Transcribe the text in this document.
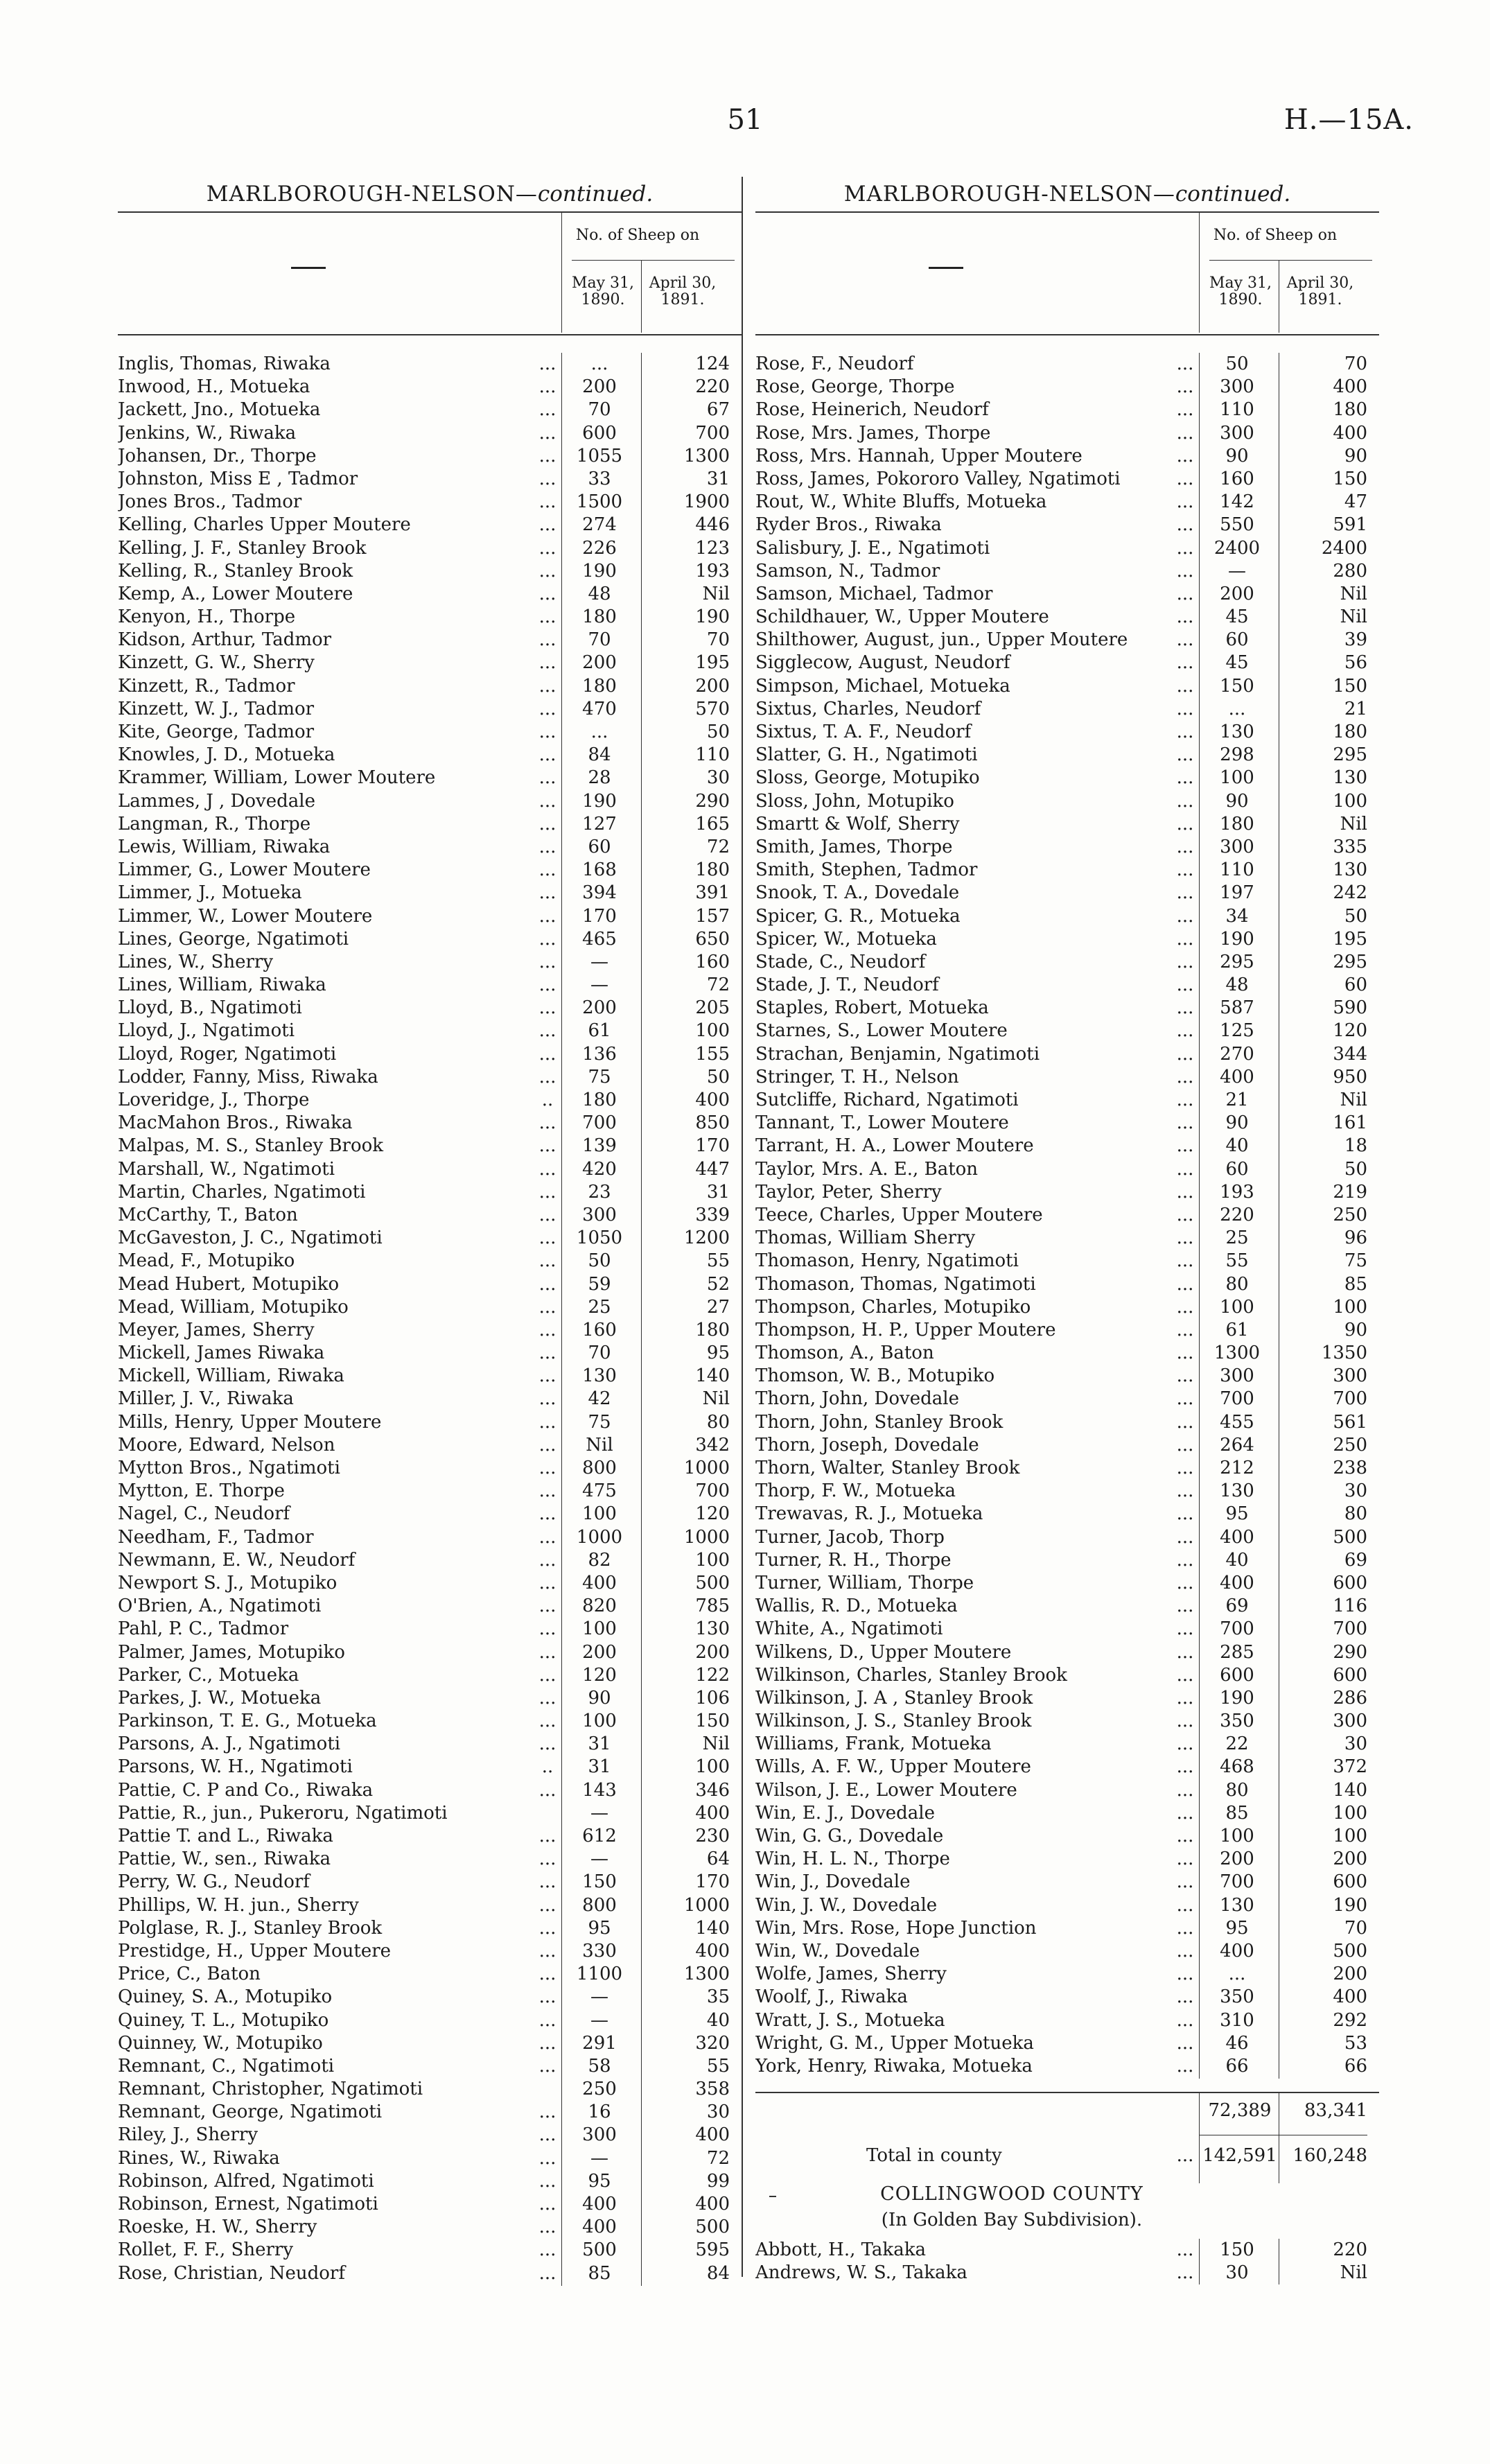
51	H.—15A.
MARLBOROUGH-NELSON—continued.
No. of Sheep on
May 31,
1890.
April 30,
1891.
Inglis, Thomas, Riwaka	...	...	124
Inwood, H., Motueka	...	200	220
Jackett, Jno., Motueka	...	70	67
Jenkins, W., Riwaka	...	600	700
Johansen, Dr., Thorpe	...	1055	1300
Johnston, Miss E , Tadmor	...	33	31
Jones Bros., Tadmor	...	1500	1900
Kelling, Charles Upper Moutere	...	274	446
Kelling, J. F., Stanley Brook	...	226	123
Kelling, R., Stanley Brook	...	190	193
Kemp, A., Lower Moutere	...	48	Nil
Kenyon, H., Thorpe	...	180	190
Kidson, Arthur, Tadmor	...	70	70
Kinzett, G. W., Sherry	...	200	195
Kinzett, R., Tadmor	...	180	200
Kinzett, W. J., Tadmor	...	470	570
Kite, George, Tadmor	...	...	50
Knowles, J. D., Motueka	...	84	110
Krammer, William, Lower Moutere	...	28	30
Lammes, J , Dovedale	...	190	290
Langman, R., Thorpe	...	127	165
Lewis, William, Riwaka	...	60	72
Limmer, G., Lower Moutere	...	168	180
Limmer, J., Motueka	...	394	391
Limmer, W., Lower Moutere	...	170	157
Lines, George, Ngatimoti	...	465	650
Lines, W., Sherry	...	—	160
Lines, William, Riwaka	...	—	72
Lloyd, B., Ngatimoti	...	200	205
Lloyd, J., Ngatimoti	...	61	100
Lloyd, Roger, Ngatimoti	...	136	155
Lodder, Fanny, Miss, Riwaka	...	75	50
Loveridge, J., Thorpe	..	180	400
MacMahon Bros., Riwaka	...	700	850
Malpas, M. S., Stanley Brook	...	139	170
Marshall, W., Ngatimoti	...	420	447
Martin, Charles, Ngatimoti	...	23	31
McCarthy, T., Baton	...	300	339
McGaveston, J. C., Ngatimoti	...	1050	1200
Mead, F., Motupiko	...	50	55
Mead Hubert, Motupiko	...	59	52
Mead, William, Motupiko	...	25	27
Meyer, James, Sherry	...	160	180
Mickell, James Riwaka	...	70	95
Mickell, William, Riwaka	...	130	140
Miller, J. V., Riwaka	...	42	Nil
Mills, Henry, Upper Moutere	...	75	80
Moore, Edward, Nelson	...	Nil	342
Mytton Bros., Ngatimoti	...	800	1000
Mytton, E. Thorpe	...	475	700
Nagel, C., Neudorf	...	100	120
Needham, F., Tadmor	...	1000	1000
Newmann, E. W., Neudorf	...	82	100
Newport S. J., Motupiko	...	400	500
O'Brien, A., Ngatimoti	...	820	785
Pahl, P. C., Tadmor	...	100	130
Palmer, James, Motupiko	...	200	200
Parker, C., Motueka	...	120	122
Parkes, J. W., Motueka	...	90	106
Parkinson, T. E. G., Motueka	...	100	150
Parsons, A. J., Ngatimoti	...	31	Nil
Parsons, W. H., Ngatimoti	..	31	100
Pattie, C. P and Co., Riwaka	...	143	346
Pattie, R., jun., Pukeroru, Ngatimoti	—	400
Pattie T. and L., Riwaka	...	612	230
Pattie, W., sen., Riwaka	...	—	64
Perry, W. G., Neudorf	...	150	170
Phillips, W. H. jun., Sherry	...	800	1000
Polglase, R. J., Stanley Brook	...	95	140
Prestidge, H., Upper Moutere	...	330	400
Price, C., Baton	...	1100	1300
Quiney, S. A., Motupiko	...	—	35
Quiney, T. L., Motupiko	...	—	40
Quinney, W., Motupiko	...	291	320
Remnant, C., Ngatimoti	...	58	55
Remnant, Christopher, Ngatimoti	250	358
Remnant, George, Ngatimoti	...	16	30
Riley, J., Sherry	...	300	400
Rines, W., Riwaka	...	—	72
Robinson, Alfred, Ngatimoti	...	95	99
Robinson, Ernest, Ngatimoti	...	400	400
Roeske, H. W., Sherry	...	400	500
Rollet, F. F., Sherry	...	500	595
Rose, Christian, Neudorf	...	85	84
MARLBOROUGH-NELSON—continued.
No. of Sheep on
May 31,
1890.
April 30,
1891.
Rose, F., Neudorf	...	50	70
Rose, George, Thorpe	...	300	400
Rose, Heinerich, Neudorf	...	110	180
Rose, Mrs. James, Thorpe	...	300	400
Ross, Mrs. Hannah, Upper Moutere	...	90	90
Ross, James, Pokororo Valley, Ngatimoti	...	160	150
Rout, W., White Bluffs, Motueka	...	142	47
Ryder Bros., Riwaka	...	550	591
Salisbury, J. E., Ngatimoti	...	2400	2400
Samson, N., Tadmor	...	—	280
Samson, Michael, Tadmor	...	200	Nil
Schildhauer, W., Upper Moutere	...	45	Nil
Shilthower, August, jun., Upper Moutere	...	60	39
Sigglecow, August, Neudorf	...	45	56
Simpson, Michael, Motueka	...	150	150
Sixtus, Charles, Neudorf	...	...	21
Sixtus, T. A. F., Neudorf	...	130	180
Slatter, G. H., Ngatimoti	...	298	295
Sloss, George, Motupiko	...	100	130
Sloss, John, Motupiko	...	90	100
Smartt & Wolf, Sherry	...	180	Nil
Smith, James, Thorpe	...	300	335
Smith, Stephen, Tadmor	...	110	130
Snook, T. A., Dovedale	...	197	242
Spicer, G. R., Motueka	...	34	50
Spicer, W., Motueka	...	190	195
Stade, C., Neudorf	...	295	295
Stade, J. T., Neudorf	...	48	60
Staples, Robert, Motueka	...	587	590
Starnes, S., Lower Moutere	...	125	120
Strachan, Benjamin, Ngatimoti	...	270	344
Stringer, T. H., Nelson	...	400	950
Sutcliffe, Richard, Ngatimoti	...	21	Nil
Tannant, T., Lower Moutere	...	90	161
Tarrant, H. A., Lower Moutere	...	40	18
Taylor, Mrs. A. E., Baton	...	60	50
Taylor, Peter, Sherry	...	193	219
Teece, Charles, Upper Moutere	...	220	250
Thomas, William Sherry	...	25	96
Thomason, Henry, Ngatimoti	...	55	75
Thomason, Thomas, Ngatimoti	...	80	85
Thompson, Charles, Motupiko	...	100	100
Thompson, H. P., Upper Moutere	...	61	90
Thomson, A., Baton	...	1300	1350
Thomson, W. B., Motupiko	...	300	300
Thorn, John, Dovedale	...	700	700
Thorn, John, Stanley Brook	...	455	561
Thorn, Joseph, Dovedale	...	264	250
Thorn, Walter, Stanley Brook	...	212	238
Thorp, F. W., Motueka	...	130	30
Trewavas, R. J., Motueka	...	95	80
Turner, Jacob, Thorp	...	400	500
Turner, R. H., Thorpe	...	40	69
Turner, William, Thorpe	...	400	600
Wallis, R. D., Motueka	...	69	116
White, A., Ngatimoti	...	700	700
Wilkens, D., Upper Moutere	...	285	290
Wilkinson, Charles, Stanley Brook	...	600	600
Wilkinson, J. A , Stanley Brook	...	190	286
Wilkinson, J. S., Stanley Brook	...	350	300
Williams, Frank, Motueka	...	22	30
Wills, A. F. W., Upper Moutere	...	468	372
Wilson, J. E., Lower Moutere	...	80	140
Win, E. J., Dovedale	...	85	100
Win, G. G., Dovedale	...	100	100
Win, H. L. N., Thorpe	...	200	200
Win, J., Dovedale	...	700	600
Win, J. W., Dovedale	...	130	190
Win, Mrs. Rose, Hope Junction	...	95	70
Win, W., Dovedale	...	400	500
Wolfe, James, Sherry	...	...	200
Woolf, J., Riwaka	...	350	400
Wratt, J. S., Motueka	...	310	292
Wright, G. M., Upper Motueka	...	46	53
York, Henry, Riwaka, Motueka	...	66	66
72,389	83,341
Total in county	... 142,591 160,248
COLLINGWOOD COUNTY
(In Golden Bay Subdivision).
Abbott, H., Takaka	...	150	220
Andrews, W. S., Takaka	...	30	Nil
